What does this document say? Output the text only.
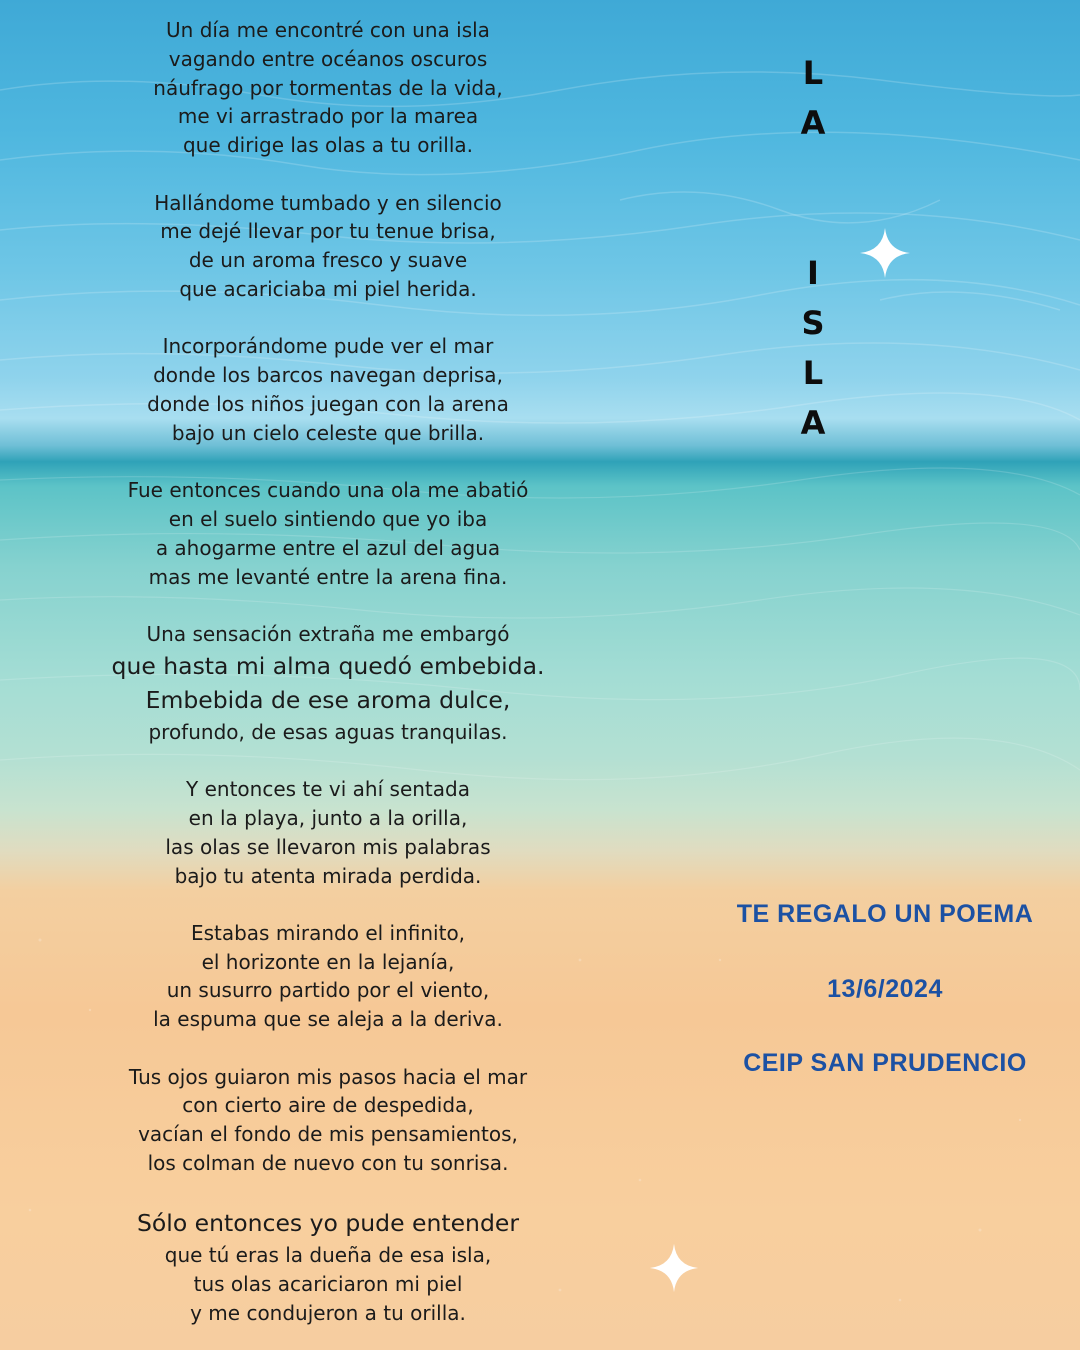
Un día me encontré con una isla
vagando entre océanos oscuros
náufrago por tormentas de la vida,
me vi arrastrado por la marea
que dirige las olas a tu orilla.
Hallándome tumbado y en silencio
me dejé llevar por tu tenue brisa,
de un aroma fresco y suave
que acariciaba mi piel herida.
Incorporándome pude ver el mar
donde los barcos navegan deprisa,
donde los niños juegan con la arena
bajo un cielo celeste que brilla.
Fue entonces cuando una ola me abatió
en el suelo sintiendo que yo iba
a ahogarme entre el azul del agua
mas me levanté entre la arena fina.
Una sensación extraña me embargó
que hasta mi alma quedó embebida.
Embebida de ese aroma dulce,
profundo, de esas aguas tranquilas.
Y entonces te vi ahí sentada
en la playa, junto a la orilla,
las olas se llevaron mis palabras
bajo tu atenta mirada perdida.
Estabas mirando el infinito,
el horizonte en la lejanía,
un susurro partido por el viento,
la espuma que se aleja a la deriva.
Tus ojos guiaron mis pasos hacia el mar
con cierto aire de despedida,
vacían el fondo de mis pensamientos,
los colman de nuevo con tu sonrisa.
Sólo entonces yo pude entender
que tú eras la dueña de esa isla,
tus olas acariciaron mi piel
y me condujeron a tu orilla.
L
A
I
S
L
A
TE REGALO UN POEMA
13/6/2024
CEIP SAN PRUDENCIO
